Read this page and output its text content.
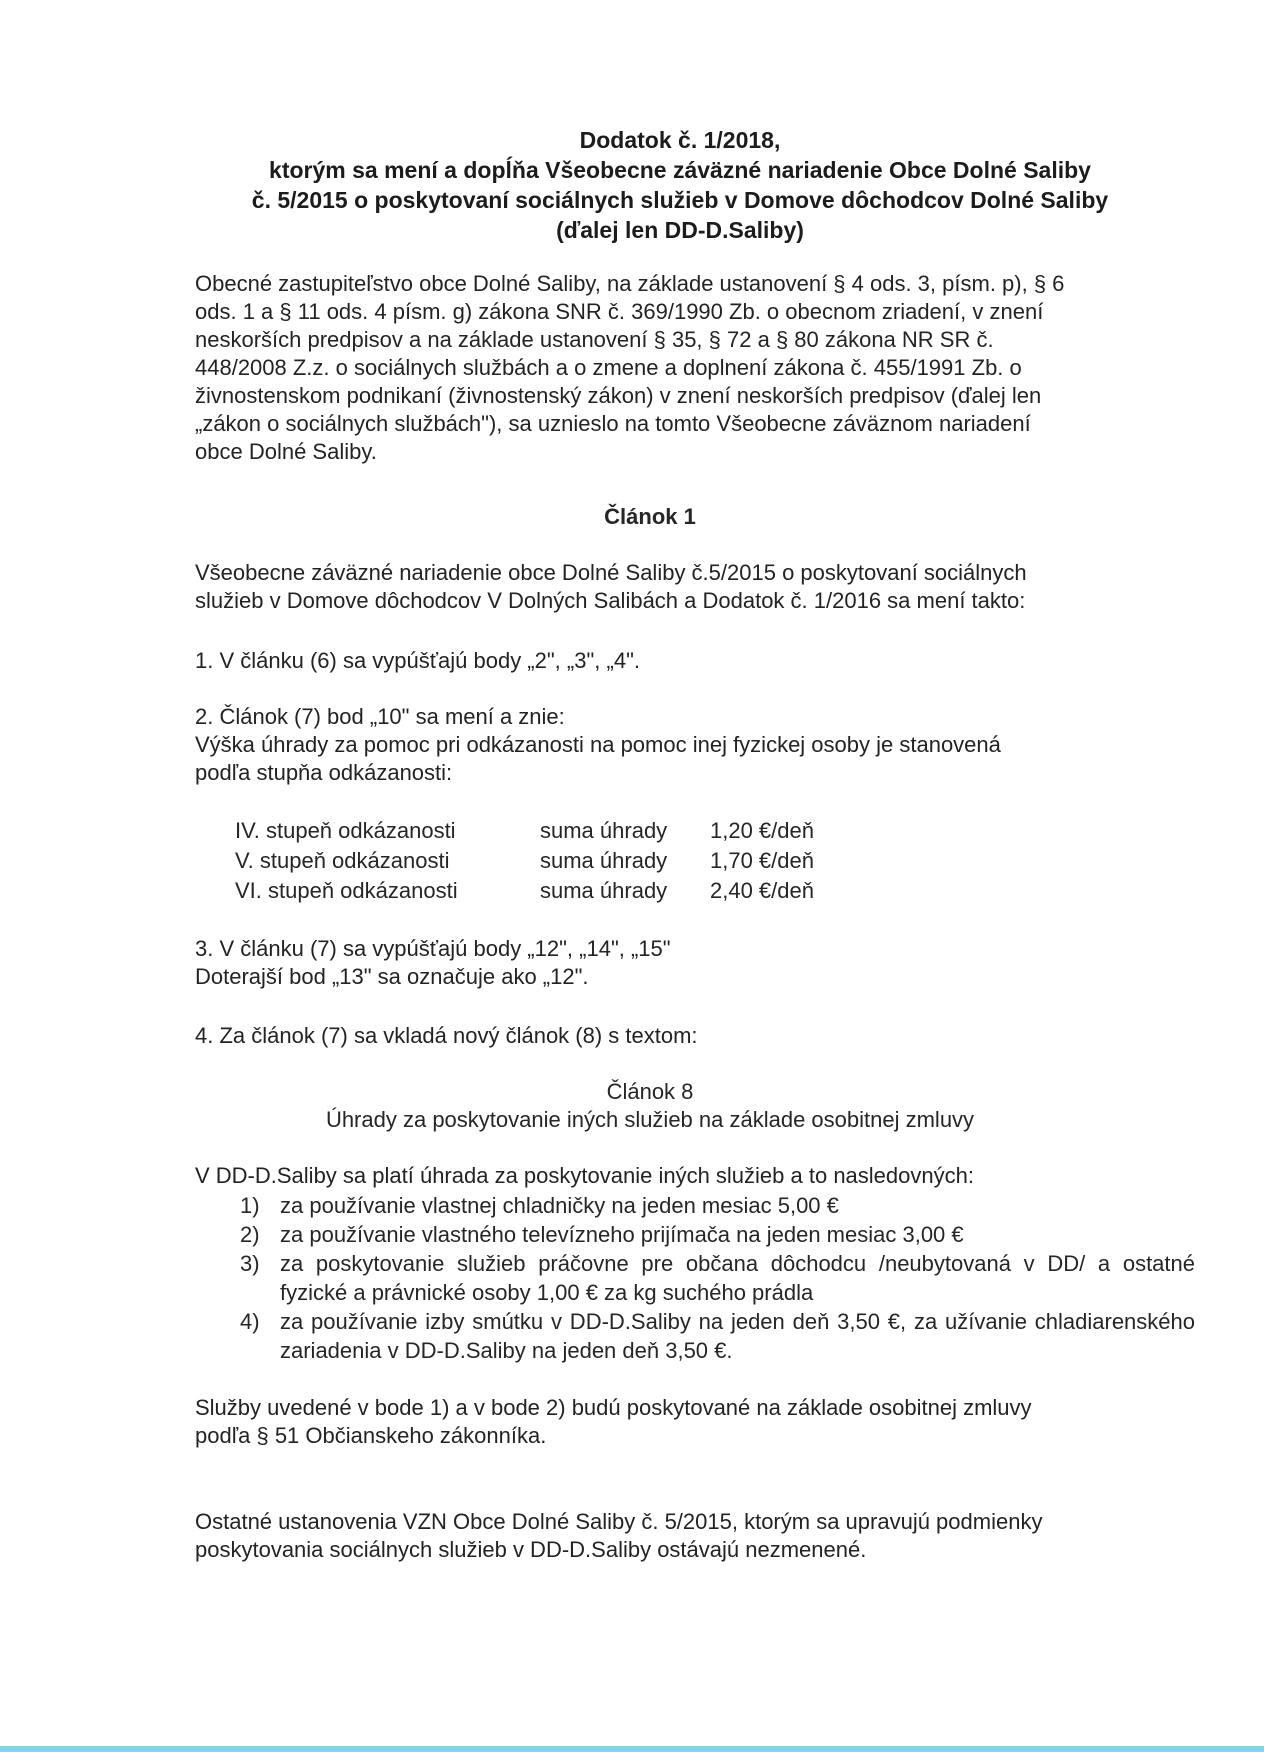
Dodatok č. 1/2018,
ktorým sa mení a dopĺňa Všeobecne záväzné nariadenie Obce Dolné Saliby
č. 5/2015 o poskytovaní sociálnych služieb v Domove dôchodcov Dolné Saliby
(ďalej len DD-D.Saliby)
Obecné zastupiteľstvo obce Dolné Saliby, na základe ustanovení § 4 ods. 3, písm. p), § 6
ods. 1 a § 11 ods. 4 písm. g) zákona SNR č. 369/1990 Zb. o obecnom zriadení, v znení
neskorších predpisov a na základe ustanovení § 35, § 72 a § 80 zákona NR SR č.
448/2008 Z.z. o sociálnych službách a o zmene a doplnení zákona č. 455/1991 Zb. o
živnostenskom podnikaní (živnostenský zákon) v znení neskorších predpisov (ďalej len
„zákon o sociálnych službách"), sa uznieslo na tomto Všeobecne záväznom nariadení
obce Dolné Saliby.
Článok 1
Všeobecne záväzné nariadenie obce Dolné Saliby č.5/2015 o poskytovaní sociálnych
služieb v Domove dôchodcov V Dolných Salibách a Dodatok č. 1/2016 sa mení takto:
1. V článku (6) sa vypúšťajú body „2", „3", „4".
2. Článok (7) bod „10" sa mení a znie:
Výška úhrady za pomoc pri odkázanosti na pomoc inej fyzickej osoby je stanovená
podľa stupňa odkázanosti:
IV. stupeň odkázanosti	suma úhrady	1,20 €/deň
V. stupeň odkázanosti	suma úhrady	1,70 €/deň
VI. stupeň odkázanosti	suma úhrady	2,40 €/deň
3. V článku (7) sa vypúšťajú body „12", „14", „15"
Doterajší bod „13" sa označuje ako „12".
4. Za článok (7) sa vkladá nový článok (8) s textom:
Článok 8
Úhrady za poskytovanie iných služieb na základe osobitnej zmluvy
V DD-D.Saliby sa platí úhrada za poskytovanie iných služieb a to nasledovných:
1) za používanie vlastnej chladničky na jeden mesiac 5,00 €
2) za používanie vlastného televízneho prijímača na jeden mesiac 3,00 €
3) za poskytovanie služieb práčovne pre občana dôchodcu /neubytovaná v DD/ a ostatné fyzické a právnické osoby 1,00 € za kg suchého prádla
4) za používanie izby smútku v DD-D.Saliby na jeden deň 3,50 €, za užívanie chladiarenského zariadenia v DD-D.Saliby na jeden deň 3,50 €.
Služby uvedené v bode 1) a v bode 2) budú poskytované na základe osobitnej zmluvy
podľa § 51 Občianskeho zákonníka.
Ostatné ustanovenia VZN Obce Dolné Saliby č. 5/2015, ktorým sa upravujú podmienky
poskytovania sociálnych služieb v DD-D.Saliby ostávajú nezmenené.
